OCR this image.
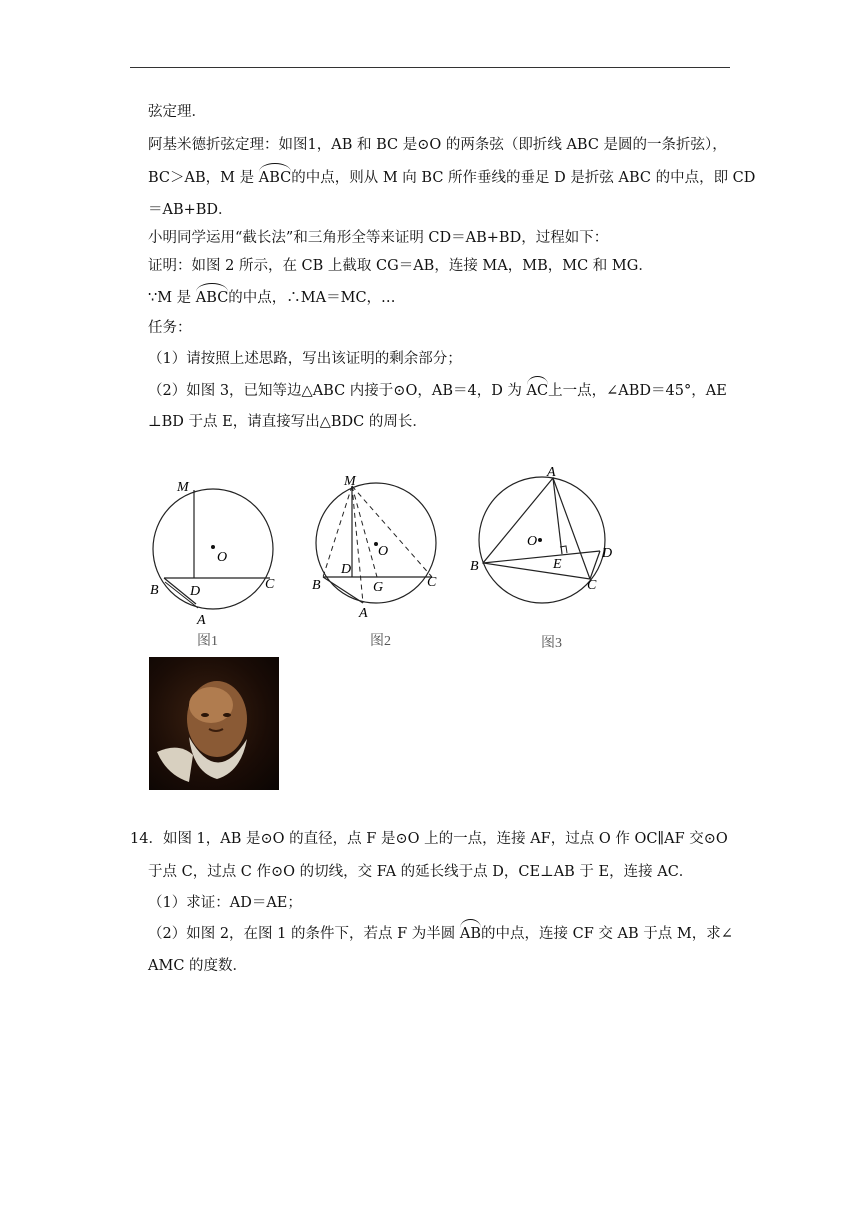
弦定理．
阿基米德折弦定理：如图1，AB 和 BC 是⊙O 的两条弦（即折线 ABC 是圆的一条折弦），
BC＞AB，M 是 ABC的中点，则从 M 向 BC 所作垂线的垂足 D 是折弦 ABC 的中点，即 CD
＝AB+BD．
小明同学运用“截长法”和三角形全等来证明 CD＝AB+BD，过程如下：
证明：如图 2 所示，在 CB 上截取 CG＝AB，连接 MA，MB，MC 和 MG．
∵M 是 ABC的中点，∴MA＝MC，…
任务：
（1）请按照上述思路，写出该证明的剩余部分；
（2）如图 3，已知等边△ABC 内接于⊙O，AB＝4，D 为 AC上一点，∠ABD＝45°，AE
⊥BD 于点 E，请直接写出△BDC 的周长．
M
O
B D	C
A
图1
M
O
B
D
G	C
A
图2
A
O
B	E
D
C
图3
14．如图 1，AB 是⊙O 的直径，点 F 是⊙O 上的一点，连接 AF，过点 O 作 OC∥AF 交⊙O
于点 C，过点 C 作⊙O 的切线，交 FA 的延长线于点 D，CE⊥AB 于 E，连接 AC．
（1）求证：AD＝AE；
（2）如图 2，在图 1 的条件下，若点 F 为半圆 AB的中点，连接 CF 交 AB 于点 M，求∠
AMC 的度数．
